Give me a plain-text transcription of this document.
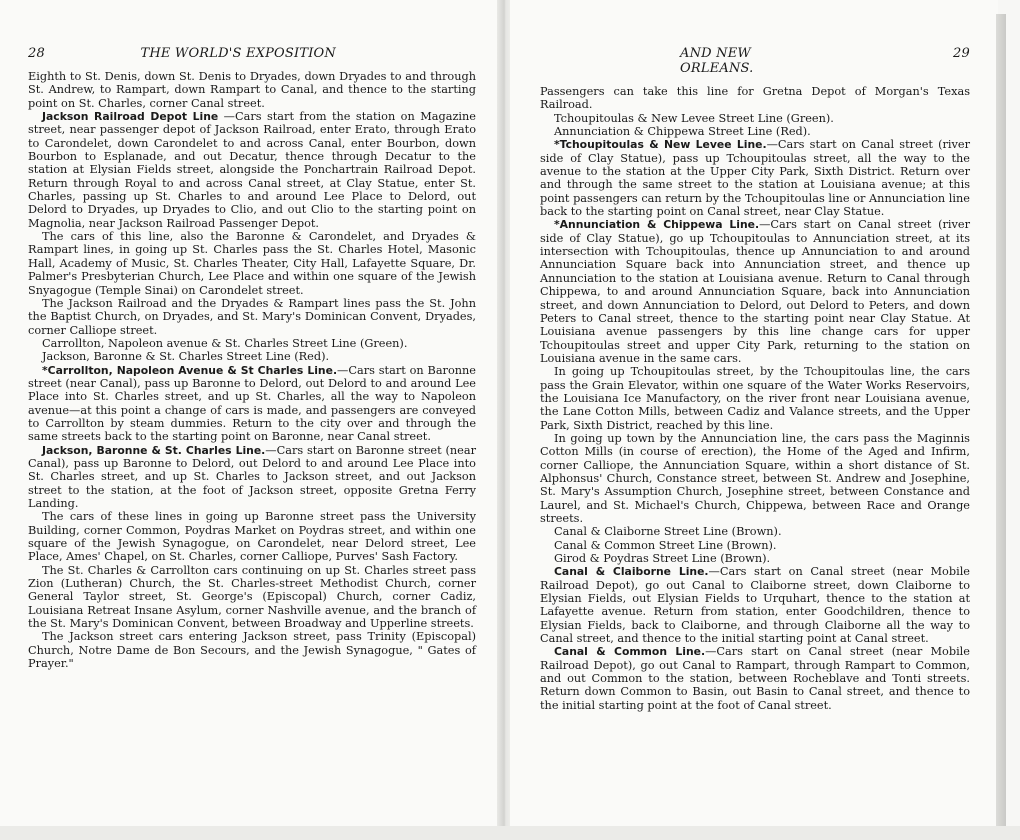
28	THE WORLD'S EXPOSITION

Eighth to St. Denis, down St. Denis to Dryades, down Dryades to and through St. Andrew, to Rampart, down Rampart to Canal, and thence to the starting point on St. Charles, corner Canal street.

Jackson Railroad Depot Line —Cars start from the station on Magazine street, near passenger depot of Jackson Railroad, enter Erato, through Erato to Carondelet, down Carondelet to and across Canal, enter Bourbon, down Bourbon to Esplanade, and out Decatur, thence through Decatur to the station at Elysian Fields street, alongside the Ponchartrain Railroad Depot. Return through Royal to and across Canal street, at Clay Statue, enter St. Charles, passing up St. Charles to and around Lee Place to Delord, out Delord to Dryades, up Dryades to Clio, and out Clio to the starting point on Magnolia, near Jackson Railroad Passenger Depot.

The cars of this line, also the Baronne & Carondelet, and Dryades & Rampart lines, in going up St. Charles pass the St. Charles Hotel, Masonic Hall, Academy of Music, St. Charles Theater, City Hall, Lafayette Square, Dr. Palmer's Presbyterian Church, Lee Place and within one square of the Jewish Snyagogue (Temple Sinai) on Carondelet street.

The Jackson Railroad and the Dryades & Rampart lines pass the St. John the Baptist Church, on Dryades, and St. Mary's Dominican Convent, Dryades, corner Calliope street.

Carrollton, Napoleon avenue & St. Charles Street Line (Green).

Jackson, Baronne & St. Charles Street Line (Red).

*Carrollton, Napoleon Avenue & St Charles Line.—Cars start on Baronne street (near Canal), pass up Baronne to Delord, out Delord to and around Lee Place into St. Charles street, and up St. Charles, all the way to Napoleon avenue—at this point a change of cars is made, and passengers are conveyed to Carrollton by steam dummies. Return to the city over and through the same streets back to the starting point on Baronne, near Canal street.

Jackson, Baronne & St. Charles Line.—Cars start on Baronne street (near Canal), pass up Baronne to Delord, out Delord to and around Lee Place into St. Charles street, and up St. Charles to Jackson street, and out Jackson street to the station, at the foot of Jackson street, opposite Gretna Ferry Landing.

The cars of these lines in going up Baronne street pass the University Building, corner Common, Poydras Market on Poydras street, and within one square of the Jewish Synagogue, on Carondelet, near Delord street, Lee Place, Ames' Chapel, on St. Charles, corner Calliope, Purves' Sash Factory.

The St. Charles & Carrollton cars continuing on up St. Charles street pass Zion (Lutheran) Church, the St. Charles-street Methodist Church, corner General Taylor street, St. George's (Episcopal) Church, corner Cadiz, Louisiana Retreat Insane Asylum, corner Nashville avenue, and the branch of the St. Mary's Dominican Convent, between Broadway and Upperline streets.

The Jackson street cars entering Jackson street, pass Trinity (Episcopal) Church, Notre Dame de Bon Secours, and the Jewish Synagogue, " Gates of Prayer."

AND NEW ORLEANS.
29

Passengers can take this line for Gretna Depot of Morgan's Texas Railroad.

Tchoupitoulas & New Levee Street Line (Green).

Annunciation & Chippewa Street Line (Red).

*Tchoupitoulas & New Levee Line.—Cars start on Canal street (river side of Clay Statue), pass up Tchoupitoulas street, all the way to the avenue to the station at the Upper City Park, Sixth District. Return over and through the same street to the station at Louisiana avenue; at this point passengers can return by the Tchoupitoulas line or Annunciation line back to the starting point on Canal street, near Clay Statue.

*Annunciation & Chippewa Line.—Cars start on Canal street (river side of Clay Statue), go up Tchoupitoulas to Annunciation street, at its intersection with Tchoupitoulas, thence up Annunciation to and around Annunciation Square back into Annunciation street, and thence up Annunciation to the station at Louisiana avenue. Return to Canal through Chippewa, to and around Annunciation Square, back into Annunciation street, and down Annunciation to Delord, out Delord to Peters, and down Peters to Canal street, thence to the starting point near Clay Statue. At Louisiana avenue passengers by this line change cars for upper Tchoupitoulas street and upper City Park, returning to the station on Louisiana avenue in the same cars.

In going up Tchoupitoulas street, by the Tchoupitoulas line, the cars pass the Grain Elevator, within one square of the Water Works Reservoirs, the Louisiana Ice Manufactory, on the river front near Louisiana avenue, the Lane Cotton Mills, between Cadiz and Valance streets, and the Upper Park, Sixth District, reached by this line.

In going up town by the Annunciation line, the cars pass the Maginnis Cotton Mills (in course of erection), the Home of the Aged and Infirm, corner Calliope, the Annunciation Square, within a short distance of St. Alphonsus' Church, Constance street, between St. Andrew and Josephine, St. Mary's Assumption Church, Josephine street, between Constance and Laurel, and St. Michael's Church, Chippewa, between Race and Orange streets.

Canal & Claiborne Street Line (Brown).

Canal & Common Street Line (Brown).

Girod & Poydras Street Line (Brown).

Canal & Claiborne Line.—Cars start on Canal street (near Mobile Railroad Depot), go out Canal to Claiborne street, down Claiborne to Elysian Fields, out Elysian Fields to Urquhart, thence to the station at Lafayette avenue. Return from station, enter Goodchildren, thence to Elysian Fields, back to Claiborne, and through Claiborne all the way to Canal street, and thence to the initial starting point at Canal street.

Canal & Common Line.—Cars start on Canal street (near Mobile Railroad Depot), go out Canal to Rampart, through Rampart to Common, and out Common to the station, between Rocheblave and Tonti streets. Return down Common to Basin, out Basin to Canal street, and thence to the initial starting point at the foot of Canal street.
